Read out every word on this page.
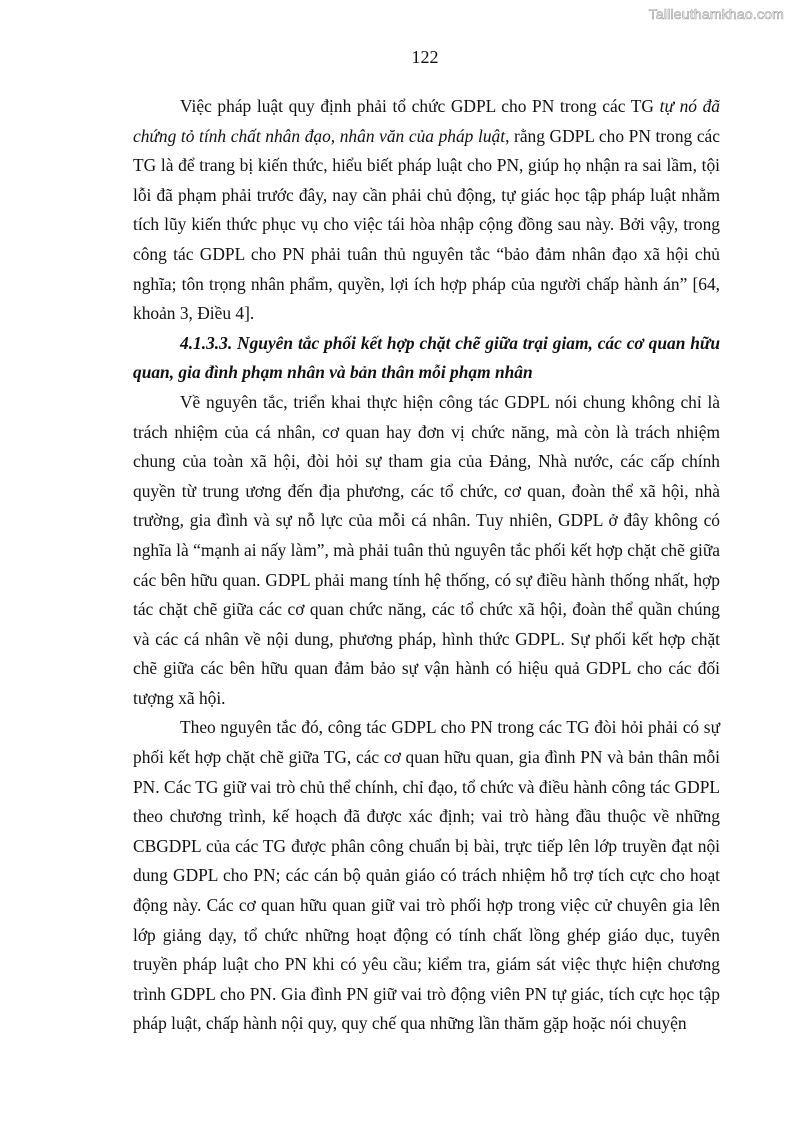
Tailieuthamkhao.com
122

Việc pháp luật quy định phải tổ chức GDPL cho PN trong các TG tự nó đã chứng tỏ tính chất nhân đạo, nhân văn của pháp luật, rằng GDPL cho PN trong các TG là để trang bị kiến thức, hiểu biết pháp luật cho PN, giúp họ nhận ra sai lầm, tội lỗi đã phạm phải trước đây, nay cần phải chủ động, tự giác học tập pháp luật nhằm tích lũy kiến thức phục vụ cho việc tái hòa nhập cộng đồng sau này. Bởi vậy, trong công tác GDPL cho PN phải tuân thủ nguyên tắc “bảo đảm nhân đạo xã hội chủ nghĩa; tôn trọng nhân phẩm, quyền, lợi ích hợp pháp của người chấp hành án” [64, khoản 3, Điều 4].

4.1.3.3. Nguyên tắc phối kết hợp chặt chẽ giữa trại giam, các cơ quan hữu quan, gia đình phạm nhân và bản thân mỗi phạm nhân

Về nguyên tắc, triển khai thực hiện công tác GDPL nói chung không chỉ là trách nhiệm của cá nhân, cơ quan hay đơn vị chức năng, mà còn là trách nhiệm chung của toàn xã hội, đòi hỏi sự tham gia của Đảng, Nhà nước, các cấp chính quyền từ trung ương đến địa phương, các tổ chức, cơ quan, đoàn thể xã hội, nhà trường, gia đình và sự nỗ lực của mỗi cá nhân. Tuy nhiên, GDPL ở đây không có nghĩa là “mạnh ai nấy làm”, mà phải tuân thủ nguyên tắc phối kết hợp chặt chẽ giữa các bên hữu quan. GDPL phải mang tính hệ thống, có sự điều hành thống nhất, hợp tác chặt chẽ giữa các cơ quan chức năng, các tổ chức xã hội, đoàn thể quần chúng và các cá nhân về nội dung, phương pháp, hình thức GDPL. Sự phối kết hợp chặt chẽ giữa các bên hữu quan đảm bảo sự vận hành có hiệu quả GDPL cho các đối tượng xã hội.

Theo nguyên tắc đó, công tác GDPL cho PN trong các TG đòi hỏi phải có sự phối kết hợp chặt chẽ giữa TG, các cơ quan hữu quan, gia đình PN và bản thân mỗi PN. Các TG giữ vai trò chủ thể chính, chỉ đạo, tổ chức và điều hành công tác GDPL theo chương trình, kế hoạch đã được xác định; vai trò hàng đầu thuộc về những CBGDPL của các TG được phân công chuẩn bị bài, trực tiếp lên lớp truyền đạt nội dung GDPL cho PN; các cán bộ quản giáo có trách nhiệm hỗ trợ tích cực cho hoạt động này. Các cơ quan hữu quan giữ vai trò phối hợp trong việc cử chuyên gia lên lớp giảng dạy, tổ chức những hoạt động có tính chất lồng ghép giáo dục, tuyên truyền pháp luật cho PN khi có yêu cầu; kiểm tra, giám sát việc thực hiện chương trình GDPL cho PN. Gia đình PN giữ vai trò động viên PN tự giác, tích cực học tập pháp luật, chấp hành nội quy, quy chế qua những lần thăm gặp hoặc nói chuyện
